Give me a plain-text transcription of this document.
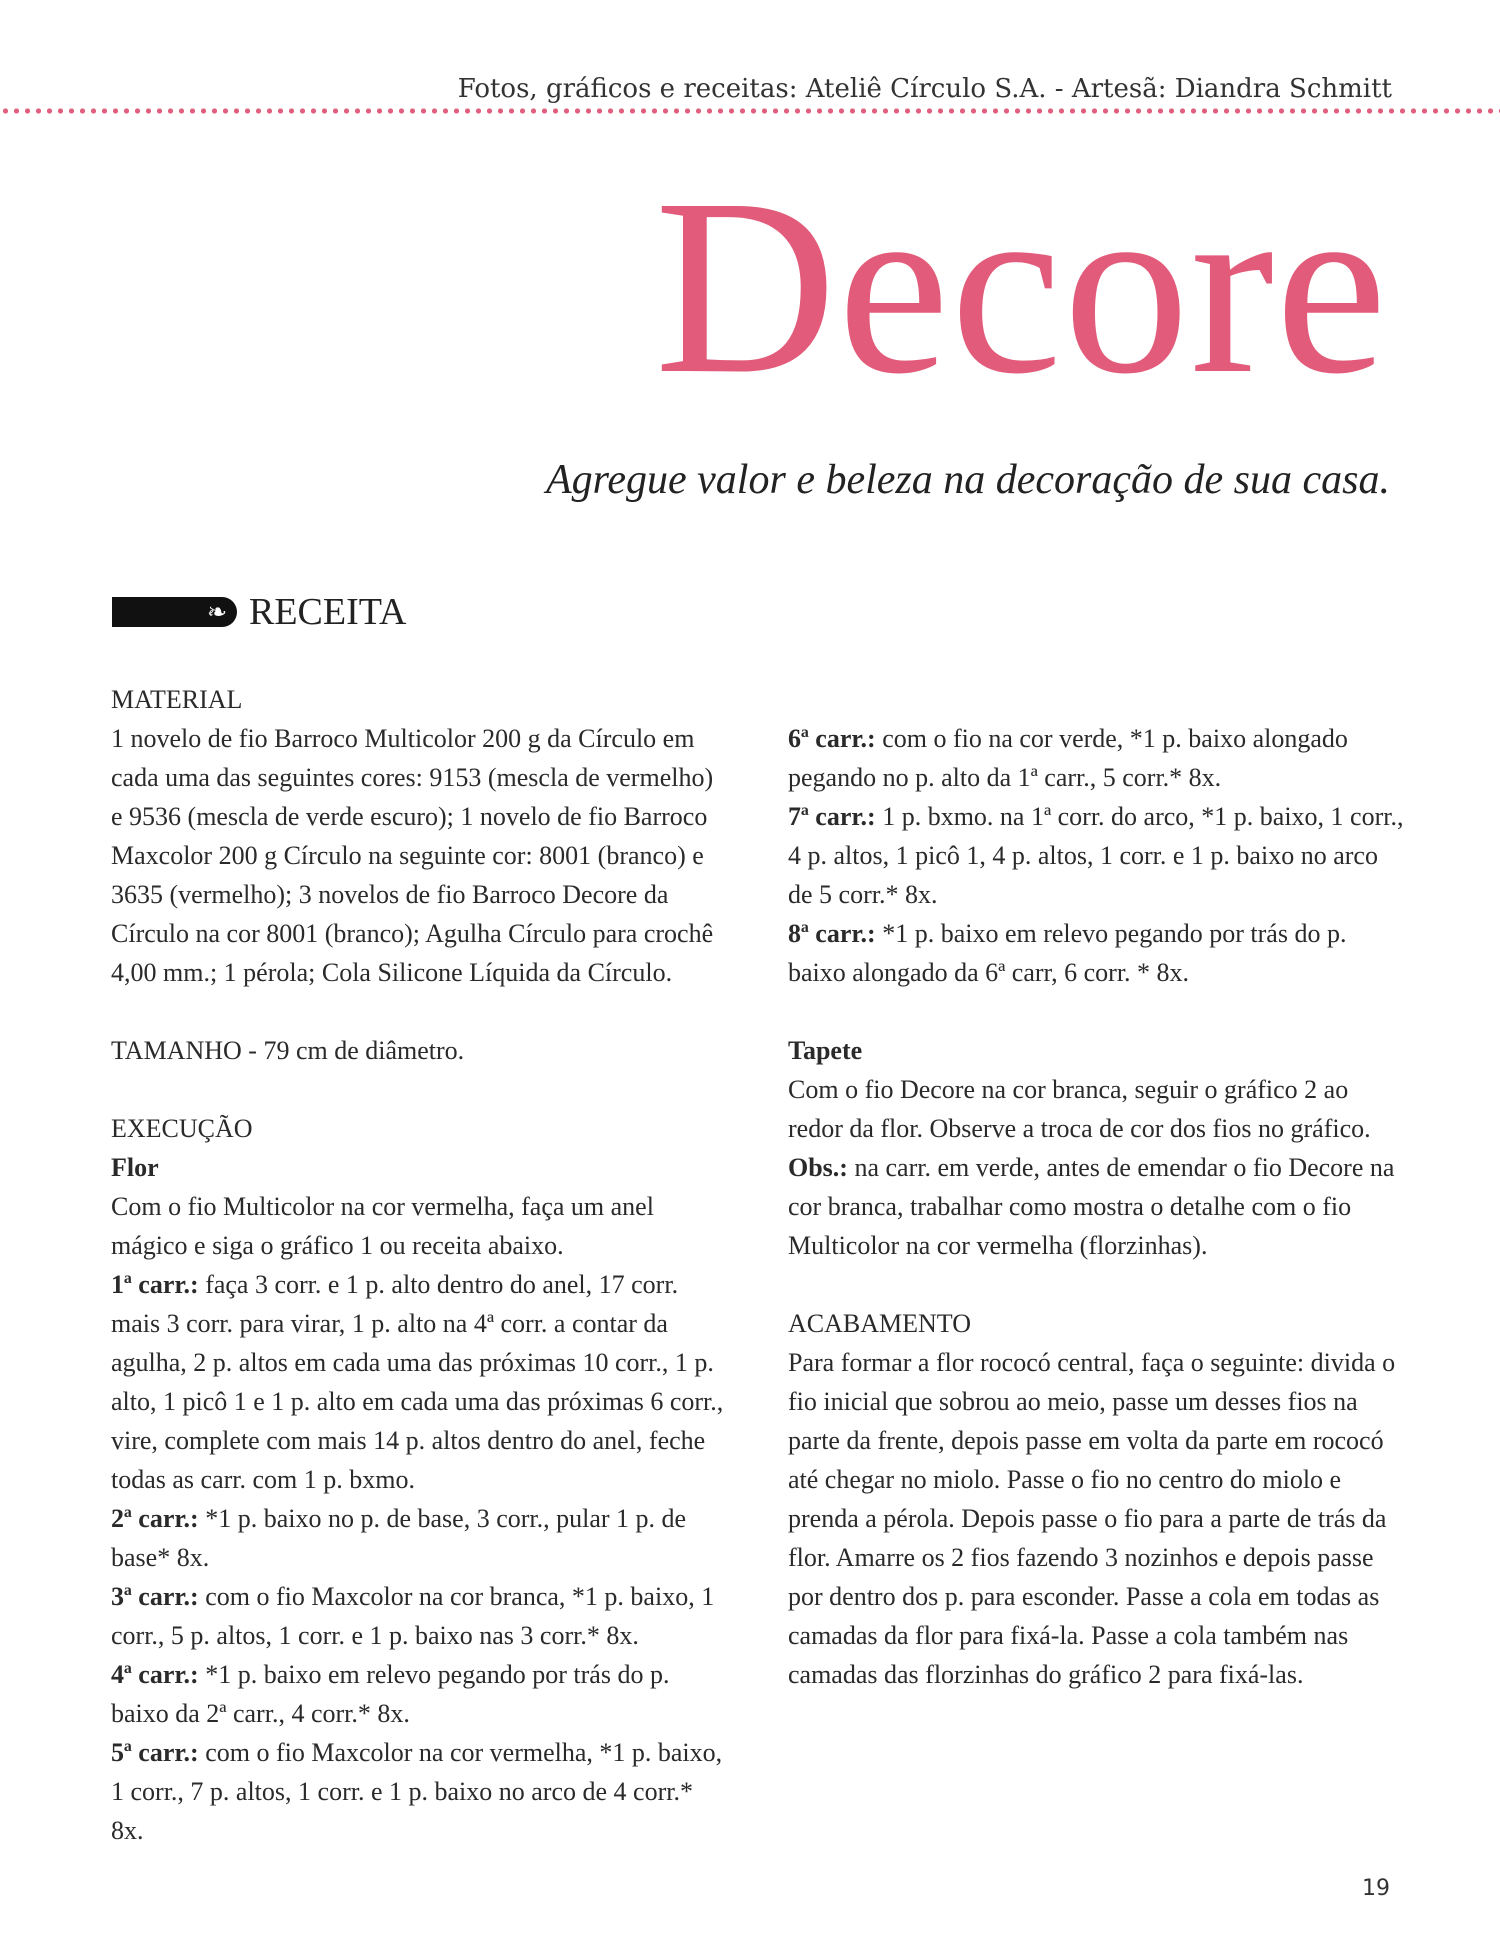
Fotos, gráficos e receitas: Ateliê Círculo S.A. - Artesã: Diandra Schmitt
Decore

Agregue valor e beleza na decoração de sua casa.

❧ RECEITA

MATERIAL

1 novelo de fio Barroco Multicolor 200 g da Círculo em cada uma das seguintes cores: 9153 (mescla de vermelho) e 9536 (mescla de verde escuro); 1 novelo de fio Barroco Maxcolor 200 g Círculo na seguinte cor: 8001 (branco) e 3635 (vermelho); 3 novelos de fio Barroco Decore da Círculo na cor 8001 (branco); Agulha Círculo para crochê 4,00 mm.; 1 pérola; Cola Silicone Líquida da Círculo.

TAMANHO - 79 cm de diâmetro.

EXECUÇÃO

Flor

Com o fio Multicolor na cor vermelha, faça um anel mágico e siga o gráfico 1 ou receita abaixo.

1ª carr.: faça 3 corr. e 1 p. alto dentro do anel, 17 corr. mais 3 corr. para virar, 1 p. alto na 4ª corr. a contar da agulha, 2 p. altos em cada uma das próximas 10 corr., 1 p. alto, 1 picô 1 e 1 p. alto em cada uma das próximas 6 corr., vire, complete com mais 14 p. altos dentro do anel, feche todas as carr. com 1 p. bxmo.

2ª carr.: *1 p. baixo no p. de base, 3 corr., pular 1 p. de base* 8x.

3ª carr.: com o fio Maxcolor na cor branca, *1 p. baixo, 1 corr., 5 p. altos, 1 corr. e 1 p. baixo nas 3 corr.* 8x.

4ª carr.: *1 p. baixo em relevo pegando por trás do p. baixo da 2ª carr., 4 corr.* 8x.

5ª carr.: com o fio Maxcolor na cor vermelha, *1 p. baixo, 1 corr., 7 p. altos, 1 corr. e 1 p. baixo no arco de 4 corr.* 8x.

6ª carr.: com o fio na cor verde, *1 p. baixo alongado pegando no p. alto da 1ª carr., 5 corr.* 8x.

7ª carr.: 1 p. bxmo. na 1ª corr. do arco, *1 p. baixo, 1 corr., 4 p. altos, 1 picô 1, 4 p. altos, 1 corr. e 1 p. baixo no arco de 5 corr.* 8x.

8ª carr.: *1 p. baixo em relevo pegando por trás do p. baixo alongado da 6ª carr, 6 corr. * 8x.

Tapete

Com o fio Decore na cor branca, seguir o gráfico 2 ao redor da flor. Observe a troca de cor dos fios no gráfico. Obs.: na carr. em verde, antes de emendar o fio Decore na cor branca, trabalhar como mostra o detalhe com o fio Multicolor na cor vermelha (florzinhas).

ACABAMENTO

Para formar a flor rococó central, faça o seguinte: divida o fio inicial que sobrou ao meio, passe um desses fios na parte da frente, depois passe em volta da parte em rococó até chegar no miolo. Passe o fio no centro do miolo e prenda a pérola. Depois passe o fio para a parte de trás da flor. Amarre os 2 fios fazendo 3 nozinhos e depois passe por dentro dos p. para esconder. Passe a cola em todas as camadas da flor para fixá-la. Passe a cola também nas camadas das florzinhas do gráfico 2 para fixá-las.

19
